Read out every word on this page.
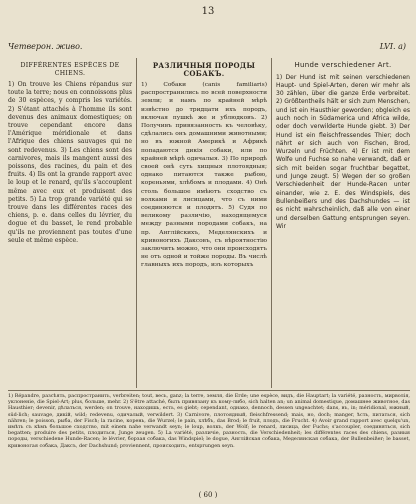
13
Четверон. живо.	LVI. a)
DIFFÉRENTES ESPÈCES DE CHIENS.
1) On trouve les Chiens répandus sur toute la terre; nous en connoissons plus de 30 espèces, y compris les variétés. 2) S'étant attachés à l'homme ils sont devenus des animaux domestiques; on trouve cependant encore dans l'Amérique méridionale et dans l'Afrique des chiens sauvages qui ne sont redevenus. 3) Les chiens sont des carnivores, mais ils mangent aussi des poissons, des racines, du pain et des fruits. 4) Ils ont la grande rapport avec le loup et le renard, qu'ils s'accouplent même avec eux et produisent des petits. 5) La trop grande variété qui se trouve dans les différentes races des chiens, p. e. dans celles du lévrier, du dogue et du basset, le rend probable qu'ils ne proviennent pas toutes d'une seule et même espèce.
РАЗЛИЧНЫЯ ПОРОДЫ СОБАКЪ.
1) Собаки (canis familiaris) распространились по всей поверхности земли; и намъ по крайней мѣрѣ извѣстно до тридцати ихъ породъ, включая пушкѣ же и ублюдковъ. 2) Получивъ привязанность къ человѣку, сдѣлались онъ домашними животными; но въ южной Америкѣ и Африкѣ попадаются дикія собаки, или по крайней мѣрѣ одичалыя. 3) По природѣ своей онѣ суть хищныя плотоядныя; однако питаются также рыбою, кореньями, хлѣбомъ и плодами. 4) Онѣ столь большое имѣютъ сходство съ волками и лисицами, что съ ними соединяются и плодятъ. 5) Судя по великому различію, находящемуся между разными породами собакъ, на пр. Англійскихъ, Меделянскихъ и кривоногихъ Даксовъ, съ вѣроятностію заключить можно, что они происходятъ не отъ одной и тойже породы. Въ числѣ главныхъ ихъ породъ, изъ которыхъ
Hunde verschiedener Art.
1) Der Hund ist mit seinen verschiedenen Haupt- und Spiel-Arten, deren wir mehr als 30 zählen, über die ganze Erde verbreitet. 2) Größtentheils hält er sich zum Menschen, und ist ein Hausthier geworden; obgleich es auch noch in Südamerica und Africa wilde, oder doch verwilderte Hunde giebt. 3) Der Hund ist ein fleischfressendes Thier; doch nährt er sich auch von Fischen, Brod, Wurzeln und Früchten. 4) Er ist mit dem Wolfe und Fuchse so nahe verwandt, daß er sich mit beiden sogar fruchtbar begattet, und Junge zeugt. 5) Wegen der so großen Verschiedenheit der Hunde-Racen unter einander, wie z. E. des Windspiels, des Bullenbeißers und des Dachshundes — ist es nicht wahrscheinlich, daß alle von einer und derselben Gattung entsprungen seyen. Wir
1) Répandre, разсѣять, распространить, verbreiten; tout, весь, ganz; la terre, земля, die Erde; une espèce, видъ, die Hauptart; la variété, разность, мирволія, уклоненіе, die Spiel-Art; plus, больше, mehr. 2) S'être attaché, быть привязану къ кому-либо, sich halten an; un animal domestique, домашнее животное, das Hausthier; devenir, дѣлаться, werden; on trouve, находишь, есть, es giebt; cependant, однако, dennoch, dessen ungeachtet; dans, въ, in; méridional, южный, süd-lich; sauvage, дикій, wild; redevenu, одичалый, verwildert. 3) Carnivore, плотоядный, fleischfressend; mais, но, doch; manger, ѣсть, питаться, sich nähren; le poisson, рыба, der Fisch; la racine, корень, die Wurzel; le pain, хлѣбъ, das Brod; le fruit, плодъ, die Frucht. 4) Avoir grand rapport avec quelqu'un, имѣть съ кѣмъ большое сходство, mit einem nahe verwandt seyn; le loup, волкъ, der Wolf; le renard, лисица, der Fuchs; s'accoupler, соединяться, sich begatten; produire des petits, плодиться, Junge zeugen. 5) La variété, различіе, разность, die Verschiedenheit; les différentes races des chiens, разныя породы, verschiedene Hunde-Racen; le lévrier, борзая собака, das Windspiel; le dogue, Англійская собака, Меделянская собака, der Bullenbeißer; le basset, кривоногая собака, Даксъ, der Dachshund; proviennent, происходить, entsprungen seyn.
( 60 )
